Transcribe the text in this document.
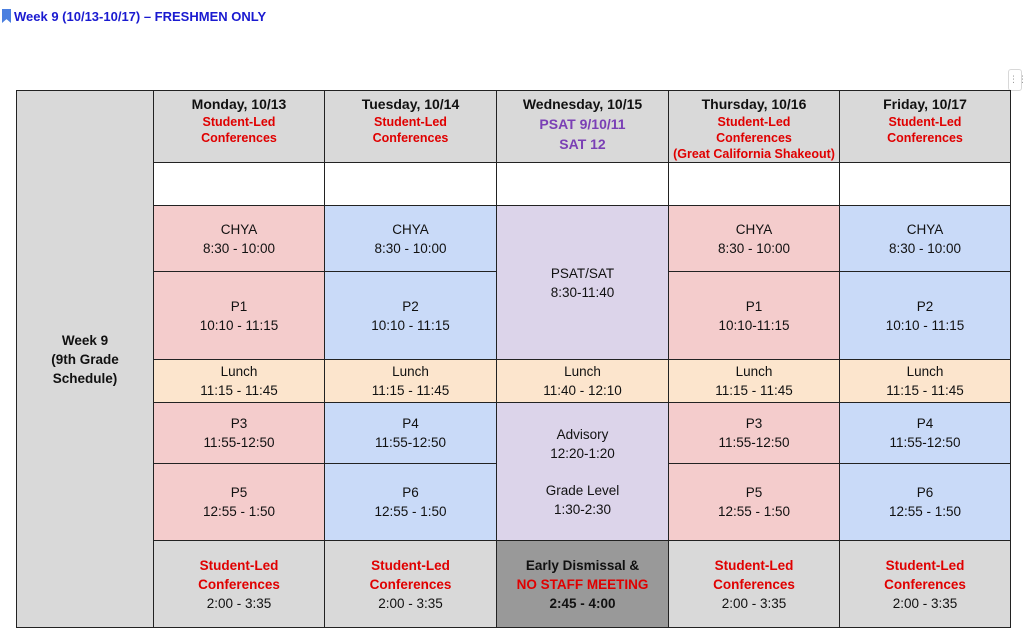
Week 9 (10/13-10/17) – FRESHMEN ONLY
⋮⋮
Week 9
(9th Grade
Schedule)	Monday, 10/13
Student-Led
Conferences	Tuesday, 10/14
Student-Led
Conferences	Wednesday, 10/15
PSAT 9/10/11
SAT 12	Thursday, 10/16
Student-Led
Conferences
(Great California Shakeout)	Friday, 10/17
Student-Led
Conferences

	CHYA
8:30 - 10:00	CHYA
8:30 - 10:00	PSAT/SAT
8:30-11:40	CHYA
8:30 - 10:00	CHYA
8:30 - 10:00

	P1
10:10 - 11:15	P2
10:10 - 11:15		P1
10:10-11:15	P2
10:10 - 11:15

	Lunch
11:15 - 11:45	Lunch
11:15 - 11:45	Lunch
11:40 - 12:10	Lunch
11:15 - 11:45	Lunch
11:15 - 11:45

	P3
11:55-12:50	P4
11:55-12:50	Advisory
12:20-1:20
Grade Level
1:30-2:30	P3
11:55-12:50	P4
11:55-12:50

	P5
12:55 - 1:50	P6
12:55 - 1:50		P5
12:55 - 1:50	P6
12:55 - 1:50

	Student-Led
Conferences
2:00 - 3:35	Student-Led
Conferences
2:00 - 3:35	Early Dismissal &
NO STAFF MEETING
2:45 - 4:00	Student-Led
Conferences
2:00 - 3:35	Student-Led
Conferences
2:00 - 3:35
